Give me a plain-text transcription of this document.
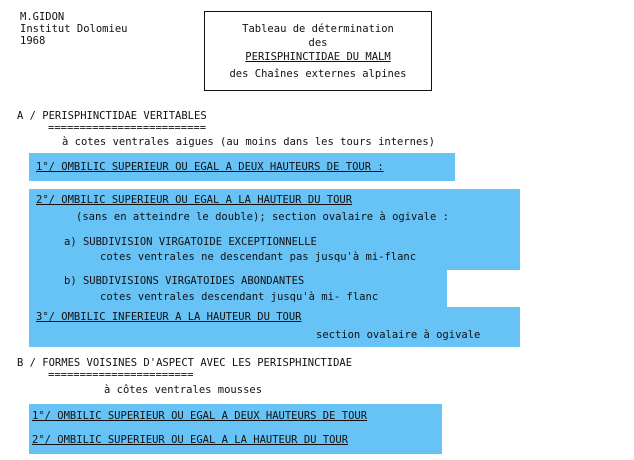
M.GIDON
Institut Dolomieu
1968
Tableau de détermination
des
PERISPHINCTIDAE DU MALM
des Chaînes externes alpines
A / PERISPHINCTIDAE VERITABLES
=========================
à cotes ventrales aigues (au moins dans les tours internes)
1°/ OMBILIC SUPERIEUR OU EGAL A DEUX HAUTEURS DE TOUR :
2°/ OMBILIC SUPERIEUR OU EGAL A LA HAUTEUR DU TOUR
(sans en atteindre le double); section ovalaire à ogivale :
a) SUBDIVISION VIRGATOIDE EXCEPTIONNELLE
cotes ventrales ne descendant pas jusqu'à mi-flanc
b) SUBDIVISIONS VIRGATOIDES ABONDANTES
cotes ventrales descendant jusqu'à mi- flanc
3°/ OMBILIC INFERIEUR A LA HAUTEUR DU TOUR
section ovalaire à ogivale
B / FORMES VOISINES D'ASPECT AVEC LES PERISPHINCTIDAE
=======================
à côtes ventrales mousses
1°/ OMBILIC SUPERIEUR OU EGAL A DEUX HAUTEURS DE TOUR
2°/ OMBILIC SUPERIEUR OU EGAL A LA HAUTEUR DU TOUR
